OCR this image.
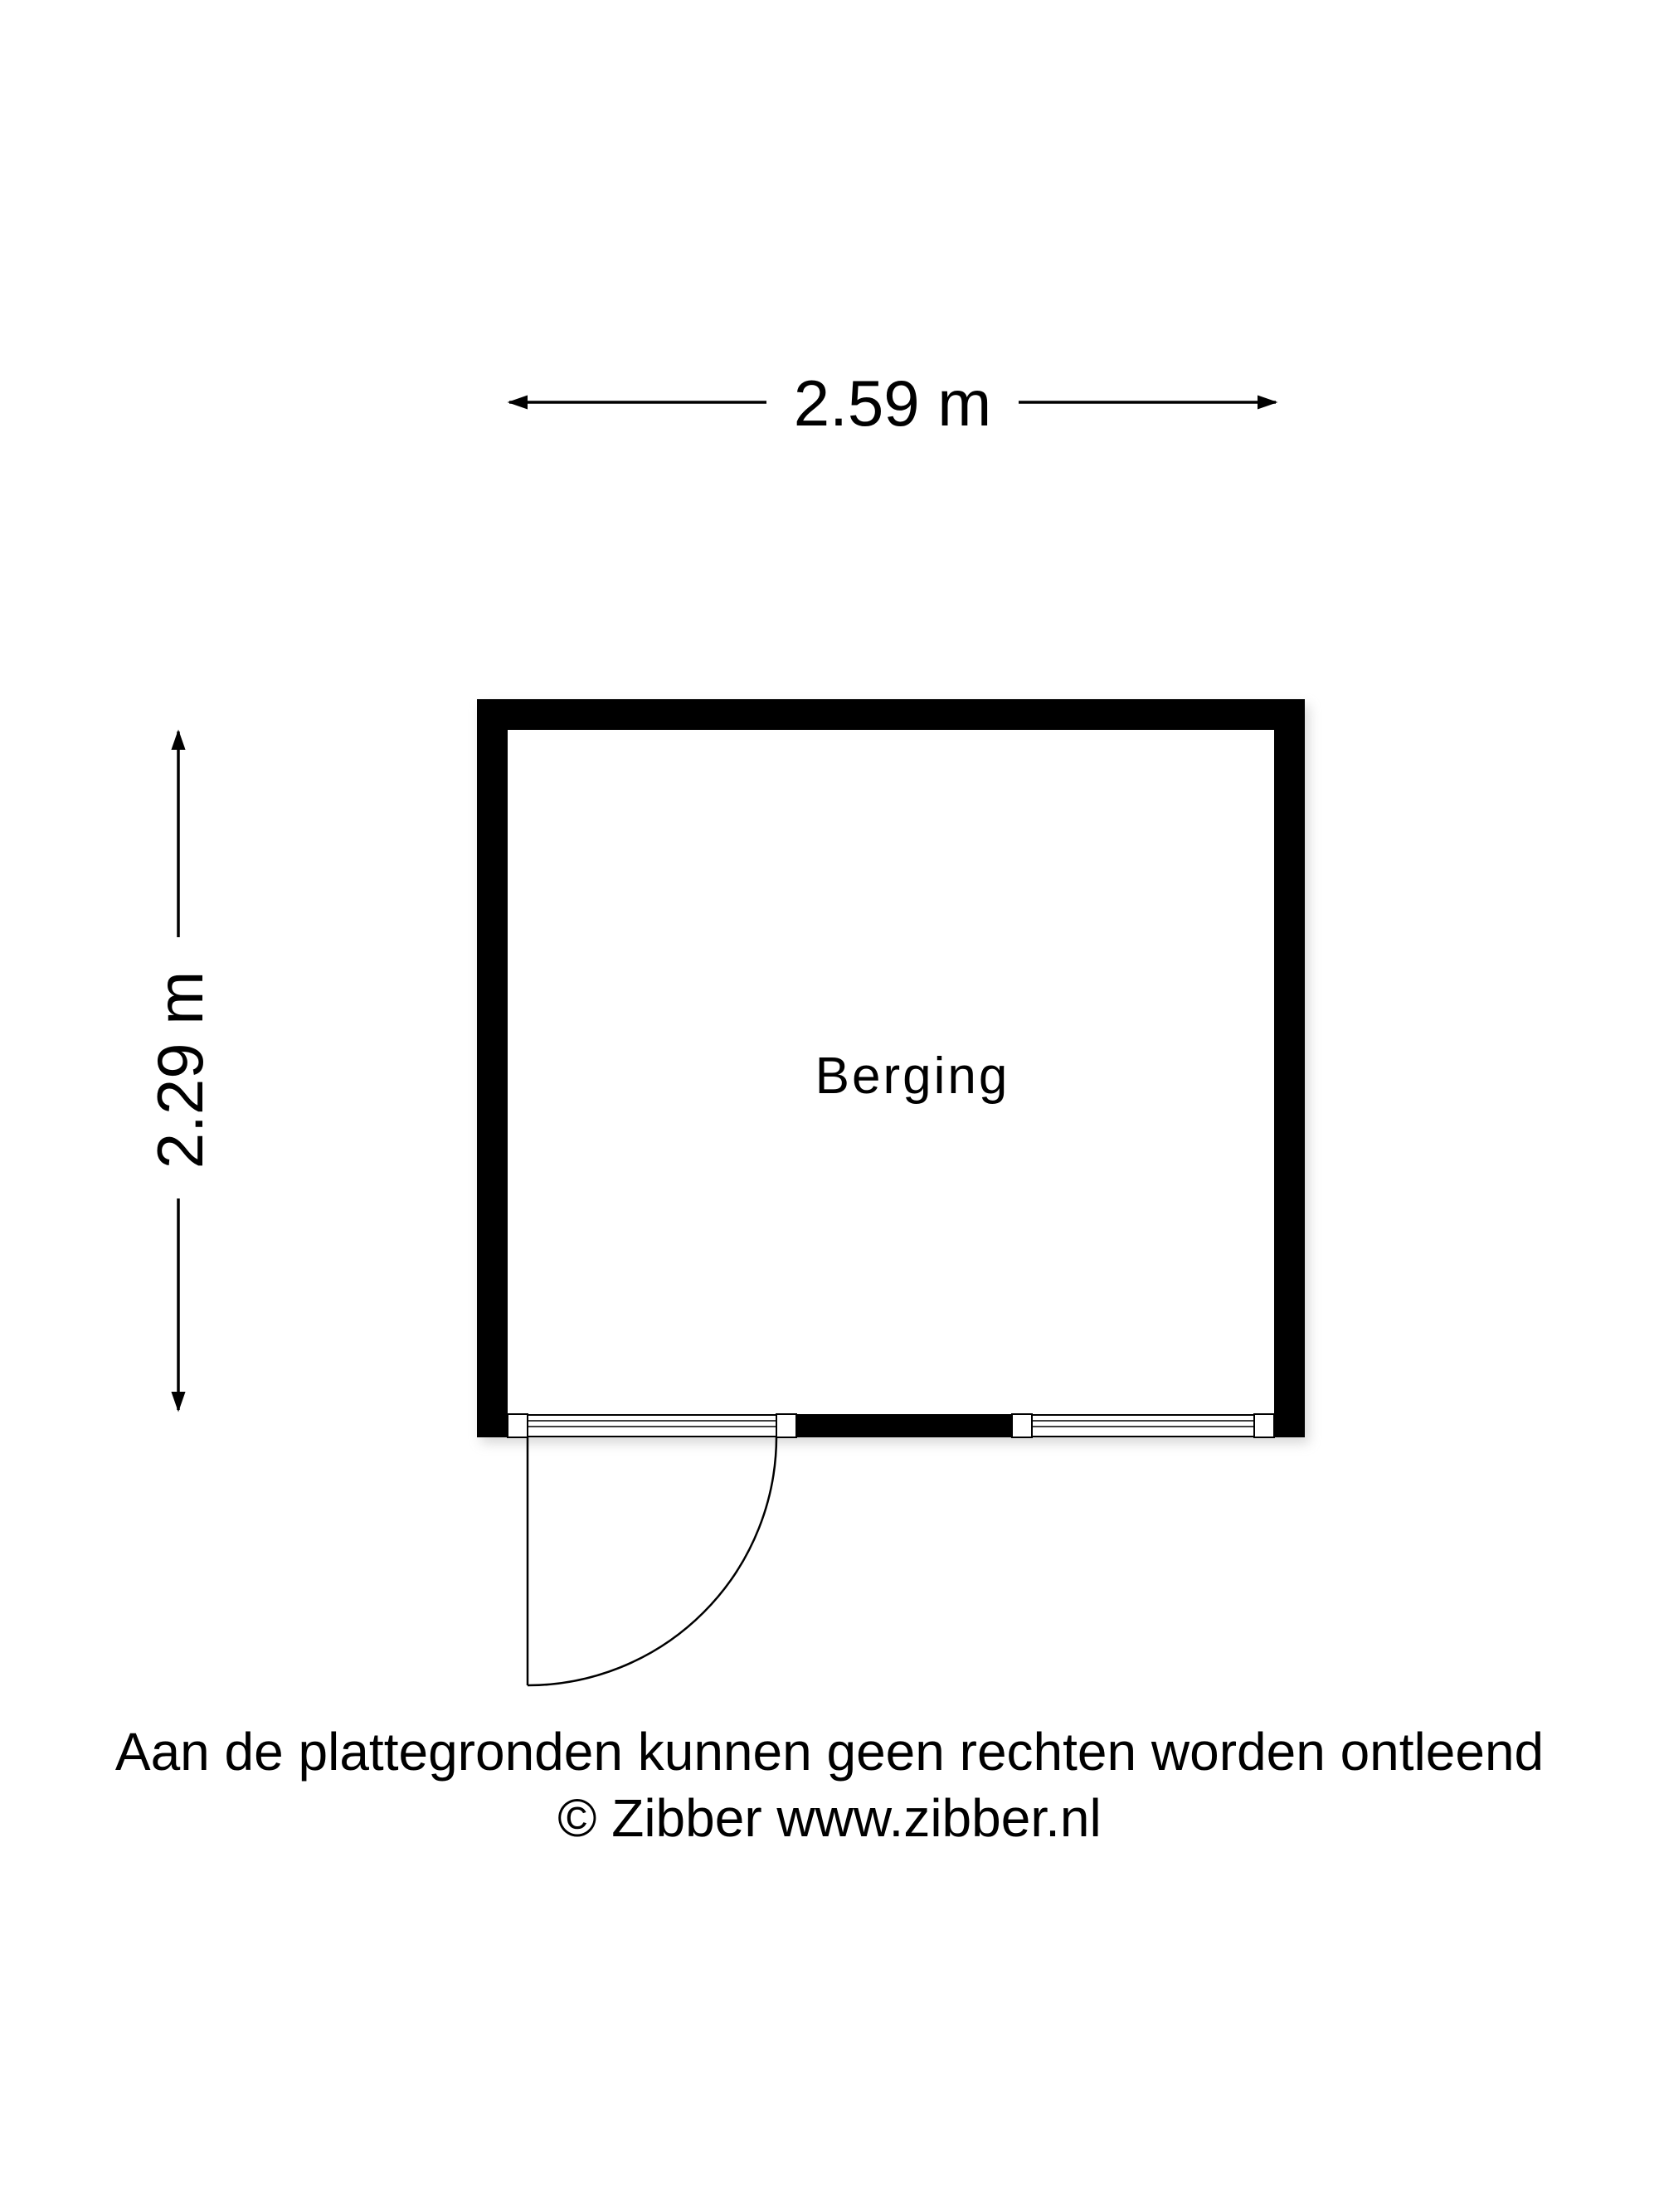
2.59 m
2.29 m	Berging
Aan de plattegronden kunnen geen rechten worden ontleend
© Zibber www.zibber.nl
